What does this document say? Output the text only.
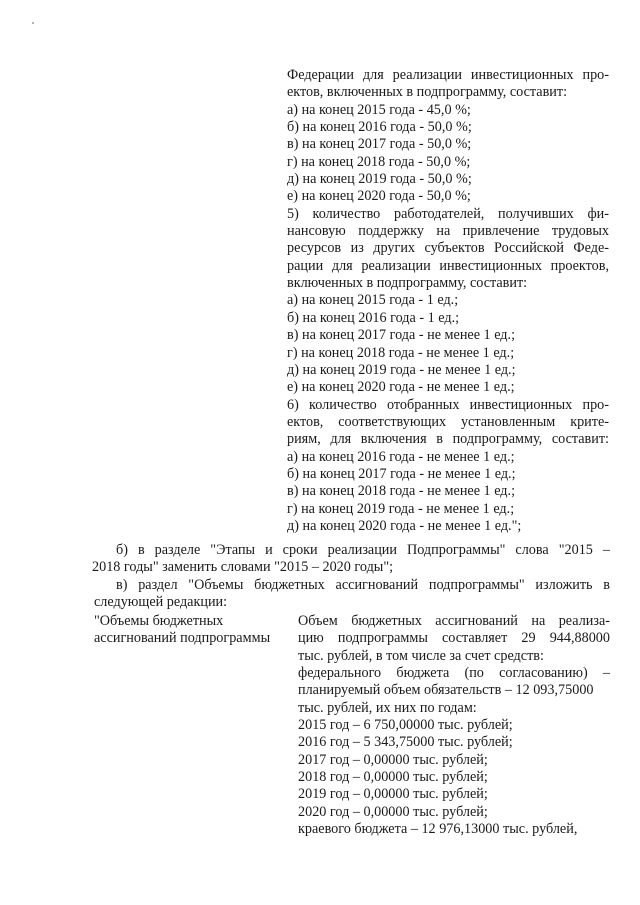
Федерации для реализации инвестиционных про-
ектов, включенных в подпрограмму, составит:
а) на конец 2015 года - 45,0 %;
б) на конец 2016 года - 50,0 %;
в) на конец 2017 года - 50,0 %;
г) на конец 2018 года - 50,0 %;
д) на конец 2019 года - 50,0 %;
е) на конец 2020 года - 50,0 %;
5) количество работодателей, получивших фи-
нансовую поддержку на привлечение трудовых
ресурсов из других субъектов Российской Феде-
рации для реализации инвестиционных проектов,
включенных в подпрограмму, составит:
а) на конец 2015 года - 1 ед.;
б) на конец 2016 года - 1 ед.;
в) на конец 2017 года - не менее 1 ед.;
г) на конец 2018 года - не менее 1 ед.;
д) на конец 2019 года - не менее 1 ед.;
е) на конец 2020 года - не менее 1 ед.;
6) количество отобранных инвестиционных про-
ектов, соответствующих установленным крите-
риям, для включения в подпрограмму, составит:
а) на конец 2016 года - не менее 1 ед.;
б) на конец 2017 года - не менее 1 ед.;
в) на конец 2018 года - не менее 1 ед.;
г) на конец 2019 года - не менее 1 ед.;
д) на конец 2020 года - не менее 1 ед.";
б) в разделе "Этапы и сроки реализации Подпрограммы" слова "2015 –
2018 годы" заменить словами "2015 – 2020 годы";
в) раздел "Объемы бюджетных ассигнований подпрограммы" изложить в
следующей редакции:
"Объемы бюджетных
ассигнований подпрограммы
Объем бюджетных ассигнований на реализа-
цию подпрограммы составляет 29 944,88000
тыс. рублей, в том числе за счет средств:
федерального бюджета (по согласованию) –
планируемый объем обязательств – 12 093,75000
тыс. рублей, их них по годам:
2015 год – 6 750,00000 тыс. рублей;
2016 год – 5 343,75000 тыс. рублей;
2017 год – 0,00000 тыс. рублей;
2018 год – 0,00000 тыс. рублей;
2019 год – 0,00000 тыс. рублей;
2020 год – 0,00000 тыс. рублей;
краевого бюджета – 12 976,13000 тыс. рублей,
